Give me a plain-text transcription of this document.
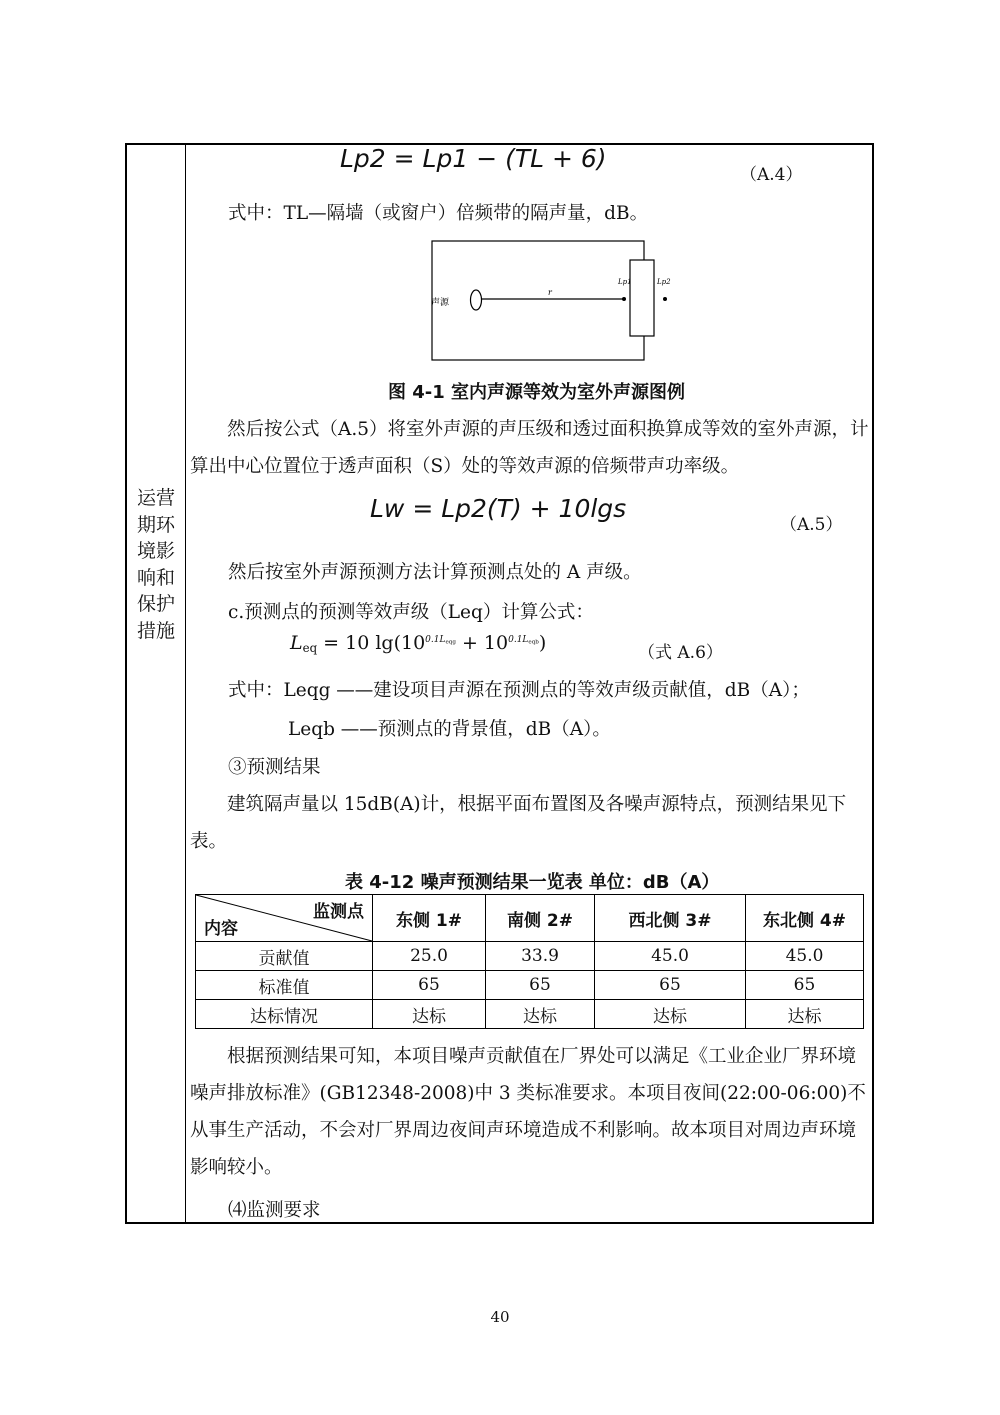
运营
期环
境影
响和
保护
措施
Lp2 = Lp1 − (TL + 6)
（A.4）
式中：TL—隔墙（或窗户）倍频带的隔声量，dB。
声源
r
Lp1	Lp2
图 4-1 室内声源等效为室外声源图例
然后按公式（A.5）将室外声源的声压级和透过面积换算成等效的室外声源，计算出中心位置位于透声面积（S）处的等效声源的倍频带声功率级。
Lw = Lp2(T) + 10lgs
（A.5）
然后按室外声源预测方法计算预测点处的 A 声级。
c.预测点的预测等效声级（Leq）计算公式：
$L_{eq} = 10$ $\lg(10^{0.1L_{eqg}} + 10^{0.1L_{eqb}})$	（式 A.6）
式中：Leqg ——建设项目声源在预测点的等效声级贡献值，dB（A）；
Leqb ——预测点的背景值，dB（A）。
③预测结果
建筑隔声量以 15dB(A)计，根据平面布置图及各噪声源特点，预测结果见下表。
表 4-12 噪声预测结果一览表 单位：dB（A）
监测点
内容	东侧 1#	南侧 2#	西北侧 3#	东北侧 4#
贡献值	25.0	33.9	45.0	45.0
标准值	65	65	65	65
达标情况	达标	达标	达标	达标
根据预测结果可知，本项目噪声贡献值在厂界处可以满足《工业企业厂界环境噪声排放标准》(GB12348-2008)中 3 类标准要求。本项目夜间(22:00-06:00)不从事生产活动，不会对厂界周边夜间声环境造成不利影响。故本项目对周边声环境影响较小。
⑷监测要求
40
